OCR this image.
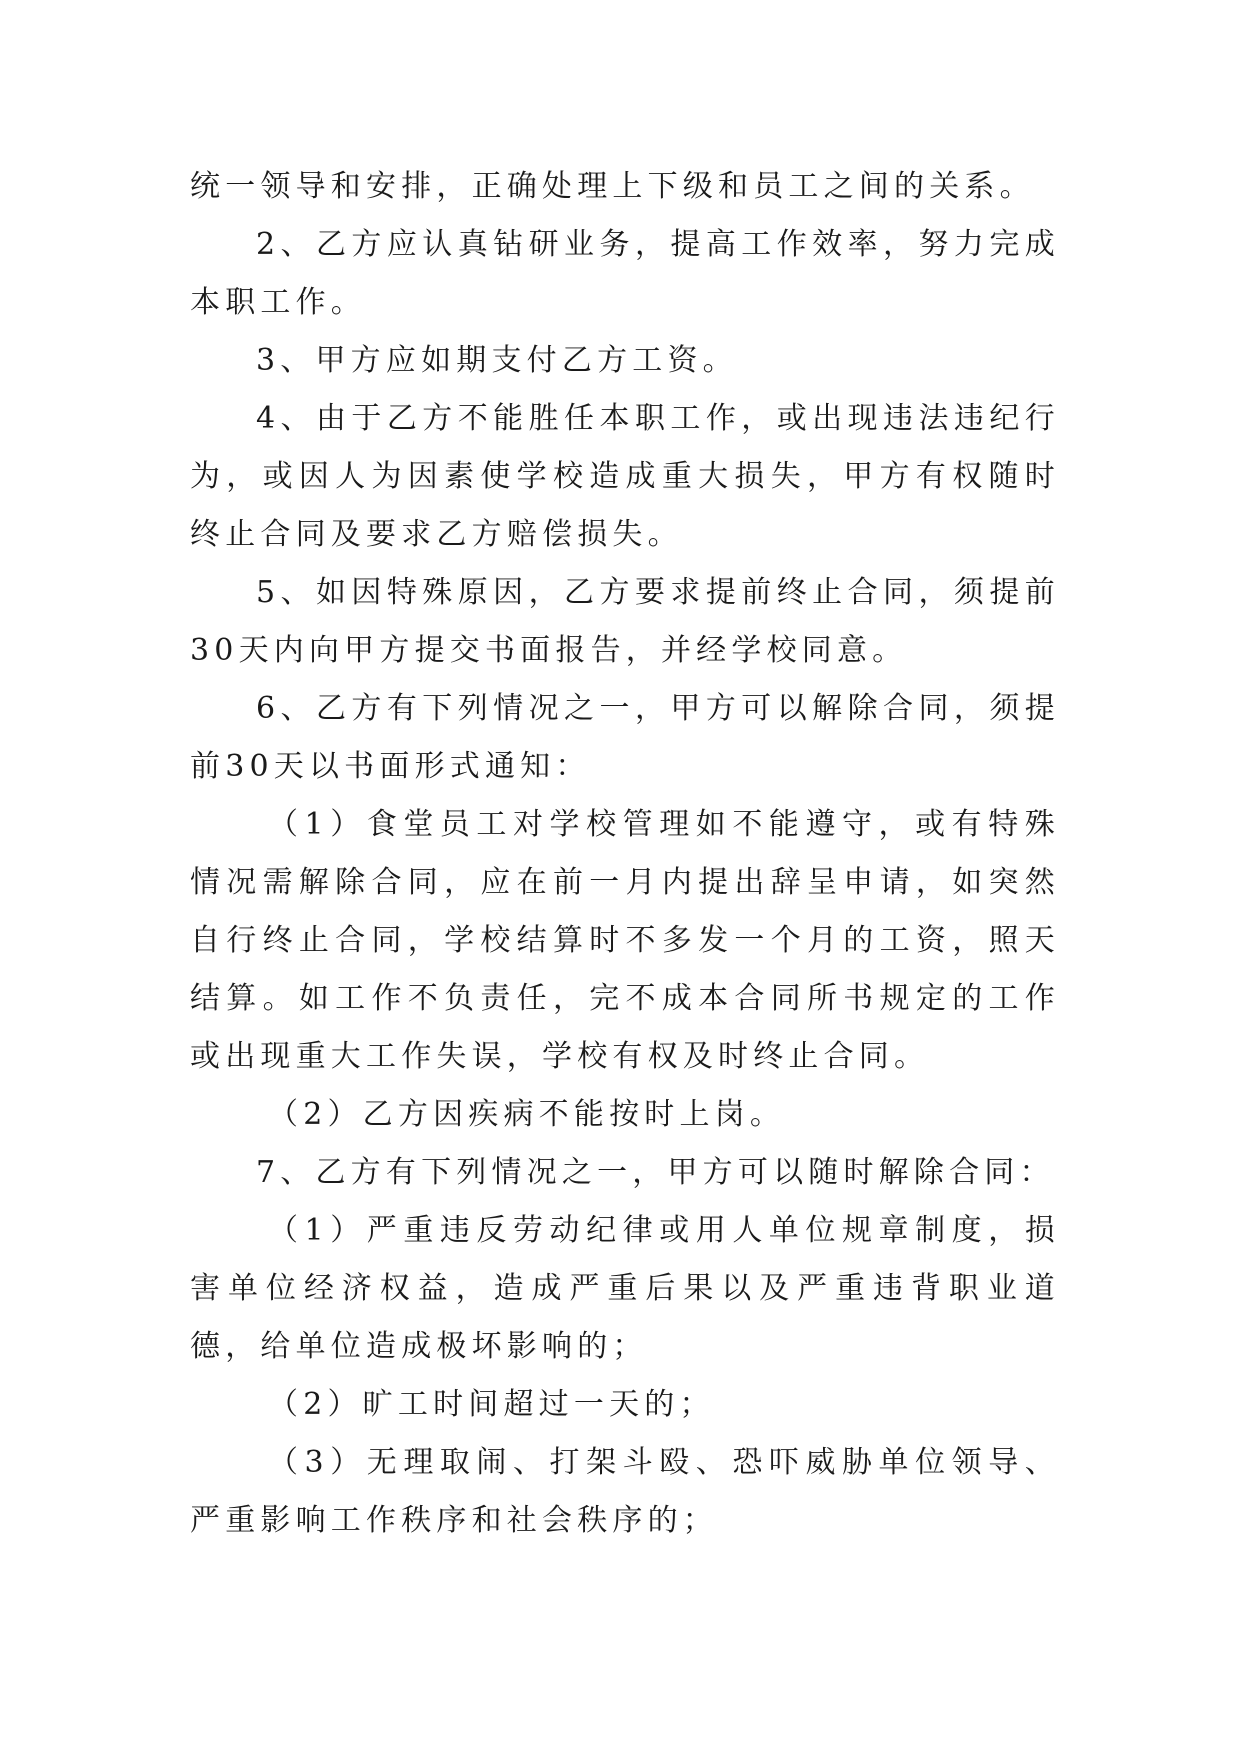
统一领导和安排，正确处理上下级和员工之间的关系。

2、乙方应认真钻研业务，提高工作效率，努力完成本职工作。

3、甲方应如期支付乙方工资。

4、由于乙方不能胜任本职工作，或出现违法违纪行为，或因人为因素使学校造成重大损失，甲方有权随时终止合同及要求乙方赔偿损失。

5、如因特殊原因，乙方要求提前终止合同，须提前30天内向甲方提交书面报告，并经学校同意。

6、乙方有下列情况之一，甲方可以解除合同，须提前30天以书面形式通知：

（1）食堂员工对学校管理如不能遵守，或有特殊情况需解除合同，应在前一月内提出辞呈申请，如突然自行终止合同，学校结算时不多发一个月的工资，照天结算。如工作不负责任，完不成本合同所书规定的工作或出现重大工作失误，学校有权及时终止合同。

（2）乙方因疾病不能按时上岗。

7、乙方有下列情况之一，甲方可以随时解除合同：

（1）严重违反劳动纪律或用人单位规章制度，损害单位经济权益，造成严重后果以及严重违背职业道德，给单位造成极坏影响的；

（2）旷工时间超过一天的；

（3）无理取闹、打架斗殴、恐吓威胁单位领导、严重影响工作秩序和社会秩序的；
